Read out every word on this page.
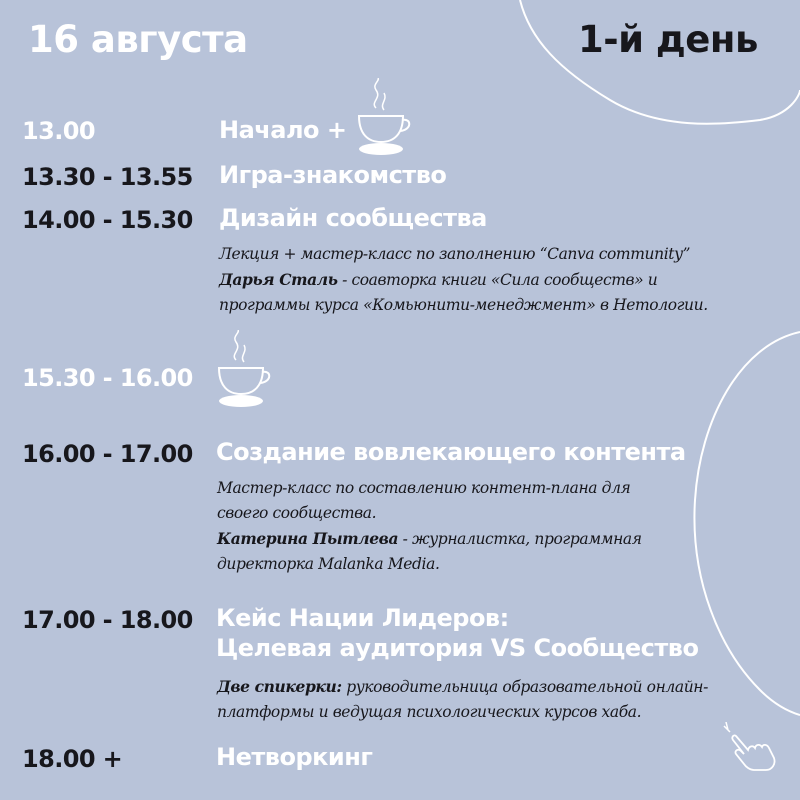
16 августа	1-й день
13.00	Начало +
13.30 - 13.55 Игра-знакомство
14.00 - 15.30 Дизайн сообщества
Лекция + мастер-класс по заполнению “Canva community”
Дарья Сталь - соавторка книги «Сила сообществ» и
программы курса «Комьюнити-менеджмент» в Нетологии.
15.30 - 16.00
16.00 - 17.00 Создание вовлекающего контента
Мастер-класс по составлению контент-плана для
своего сообщества.
Катерина Пытлева - журналистка, программная
директорка Malanka Media.
17.00 - 18.00 Кейс Нации Лидеров:
Целевая аудитория VS Сообщество
Две спикерки: руководительница образовательной онлайн-
платформы и ведущая психологических курсов хаба.
18.00 +	Нетворкинг
